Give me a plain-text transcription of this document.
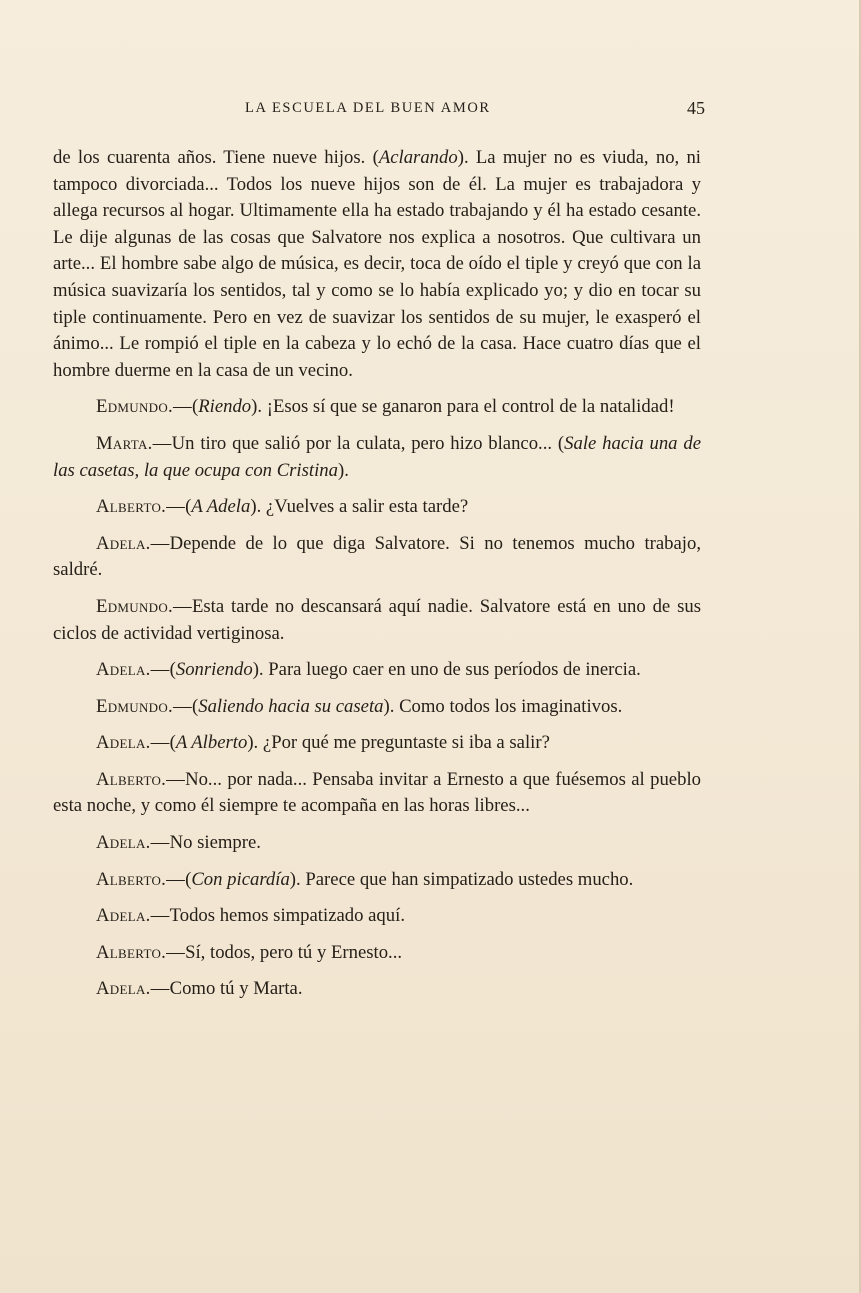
LA ESCUELA DEL BUEN AMOR	45

de los cuarenta años. Tiene nueve hijos. (Aclarando). La mujer no es viuda, no, ni tampoco divorciada... Todos los nueve hijos son de él. La mujer es trabajadora y allega recursos al hogar. Ultimamente ella ha estado trabajando y él ha estado cesante. Le dije algunas de las cosas que Salvatore nos explica a nosotros. Que cultivara un arte... El hombre sabe algo de música, es decir, toca de oído el tiple y creyó que con la música suavizaría los sentidos, tal y como se lo había explicado yo; y dio en tocar su tiple continuamente. Pero en vez de suavizar los sentidos de su mujer, le exasperó el ánimo... Le rompió el tiple en la cabeza y lo echó de la casa. Hace cuatro días que el hombre duerme en la casa de un vecino.

Edmundo.—(Riendo). ¡Esos sí que se ganaron para el control de la natalidad!

Marta.—Un tiro que salió por la culata, pero hizo blanco... (Sale hacia una de las casetas, la que ocupa con Cristina).

Alberto.—(A Adela). ¿Vuelves a salir esta tarde?

Adela.—Depende de lo que diga Salvatore. Si no tenemos mucho trabajo, saldré.

Edmundo.—Esta tarde no descansará aquí nadie. Salvatore está en uno de sus ciclos de actividad vertiginosa.

Adela.—(Sonriendo). Para luego caer en uno de sus períodos de inercia.

Edmundo.—(Saliendo hacia su caseta). Como todos los imaginativos.

Adela.—(A Alberto). ¿Por qué me preguntaste si iba a salir?

Alberto.—No... por nada... Pensaba invitar a Ernesto a que fuésemos al pueblo esta noche, y como él siempre te acompaña en las horas libres...

Adela.—No siempre.

Alberto.—(Con picardía). Parece que han simpatizado ustedes mucho.

Adela.—Todos hemos simpatizado aquí.

Alberto.—Sí, todos, pero tú y Ernesto...

Adela.—Como tú y Marta.
